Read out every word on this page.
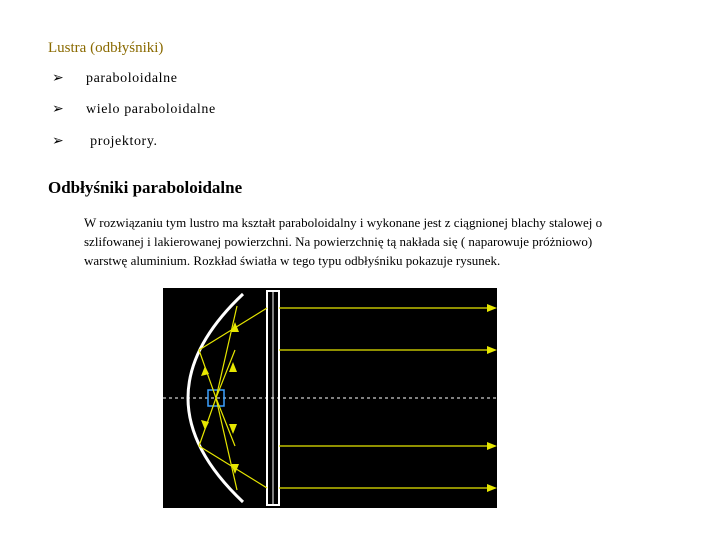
Lustra (odbłyśniki)
➢ paraboloidalne
➢ wielo paraboloidalne
➢ projektory.
Odbłyśniki paraboloidalne
W rozwiązaniu tym lustro ma kształt paraboloidalny i wykonane jest z ciągnionej blachy stalowej o
szlifowanej i lakierowanej powierzchni. Na powierzchnię tą nakłada się ( naparowuje próżniowo)
warstwę aluminium. Rozkład światła w tego typu odbłyśniku pokazuje rysunek.
